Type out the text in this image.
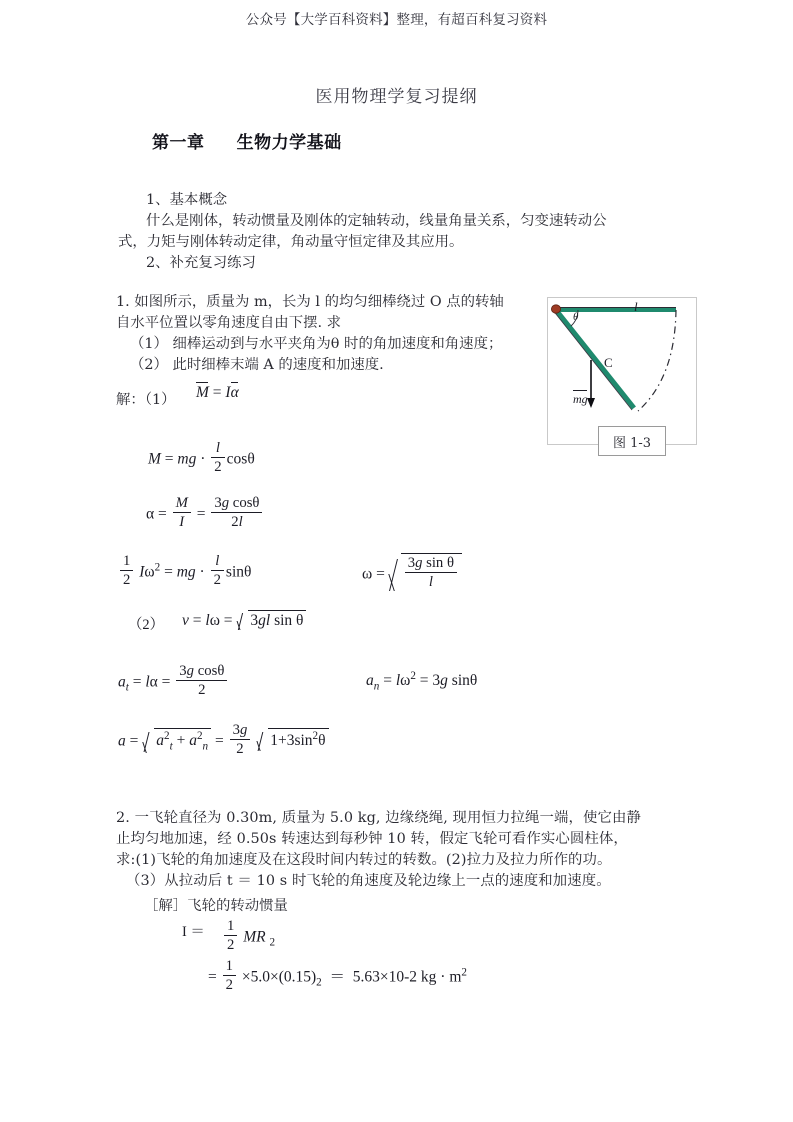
公众号【大学百科资料】整理，有超百科复习资料
医用物理学复习提纲
第一章     生物力学基础
1、基本概念
什么是刚体，转动惯量及刚体的定轴转动，线量角量关系，匀变速转动公
式，力矩与刚体转动定律，角动量守恒定律及其应用。
2、补充复习练习
1. 如图所示，质量为 m，长为 l 的均匀细棒绕过 O 点的转轴
自水平位置以零角速度自由下摆. 求
（1） 细棒运动到与水平夹角为θ 时的角加速度和角速度；
（2） 此时细棒末端 A 的速度和加速度.
l
θ
C
mg
图 1-3
解：（1） M = Iα
M = mg · $\frac{l}{2}$ cosθ
$\alpha = \frac{M}{I} = \frac{\text{3g cosθ}}{2l}$
$\frac{1}{2} I\omega^2$ = mg · $\frac{l}{2}$ sinθ	$\omega = \frac{\text{3g sin θ}}{l}$
（2） v = lω = 3gl sin θ
$a_t = l\alpha = \frac{\text{3g cosθ}}{2}$	$a_n = l\omega^2 = 3g$ sinθ
$a = a^2_t + a^2_n = \frac{3g}{2} 1+3\sin^2\theta$
2. 一飞轮直径为 0.30m, 质量为 5.0 kg, 边缘绕绳, 现用恒力拉绳一端，使它由静
止均匀地加速，经 0.50s 转速达到每秒钟 10 转，假定飞轮可看作实心圆柱体，
求:(1)飞轮的角加速度及在这段时间内转过的转数。(2)拉力及拉力所作的功。
（3）从拉动后 t ＝ 10 s 时飞轮的角速度及轮边缘上一点的速度和加速度。
［解］飞轮的转动惯量
$I = \frac{1}{2}$ MR $_2$
= $\frac{1}{2} \times 5.0\times(0.15)_2 = 5.63\times 10-2$ kg · $m^2$
